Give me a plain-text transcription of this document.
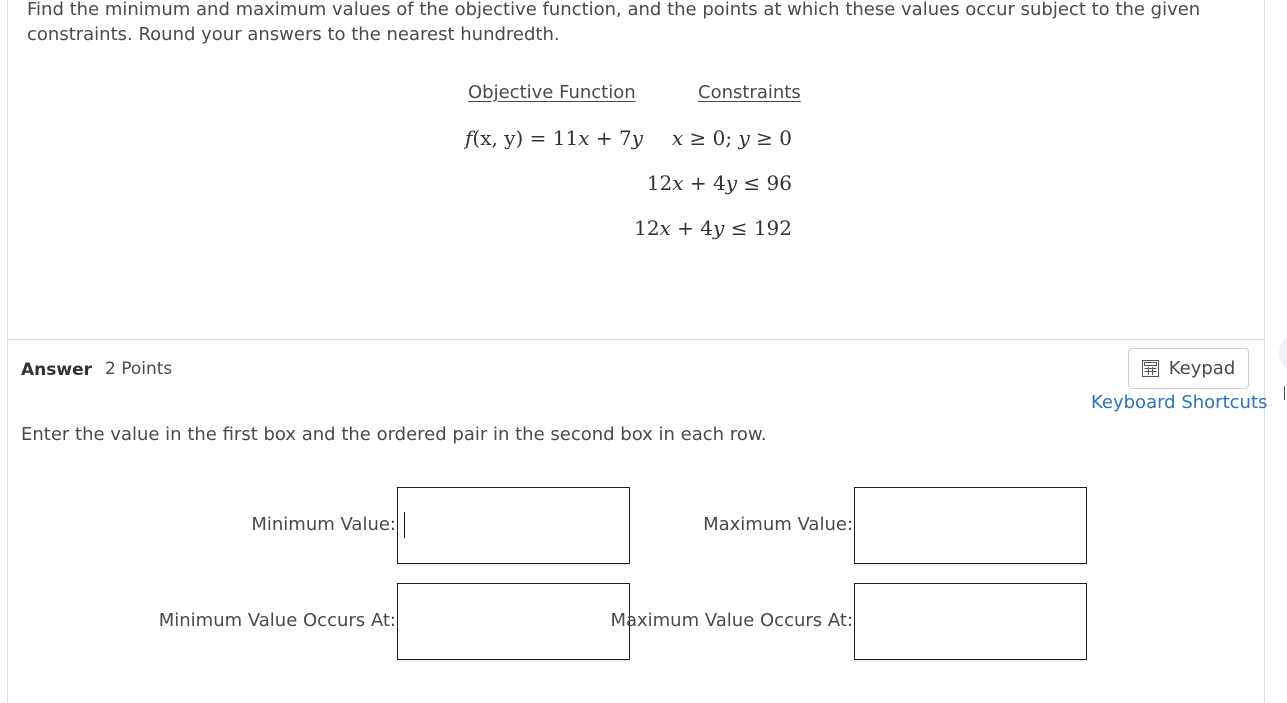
Find the minimum and maximum values of the objective function, and the points at which these values occur subject to the given constraints. Round your answers to the nearest hundredth.

Objective Function	Constraints
f(x, y) = 11x + 7y x ≥ 0; y ≥ 0
12x + 4y ≤ 96
12x + 4y ≤ 192
Answer 2 Points	Keypad
Keyboard Shortcuts
Enter the value in the first box and the ordered pair in the second box in each row.
Minimum Value:	Maximum Value:
Minimum Value Occurs At:	Maximum Value Occurs At:
